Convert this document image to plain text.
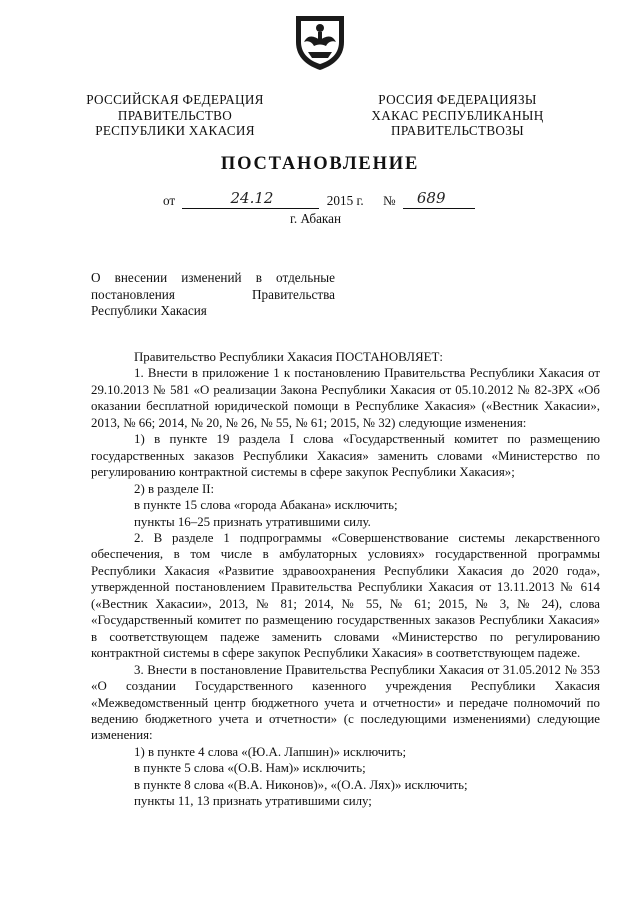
РОССИЙСКАЯ ФЕДЕРАЦИЯ
ПРАВИТЕЛЬСТВО
РЕСПУБЛИКИ ХАКАСИЯ
РОССИЯ ФЕДЕРАЦИЯЗЫ
ХАКАС РЕСПУБЛИКАНЫҢ
ПРАВИТЕЛЬСТВОЗЫ
ПОСТАНОВЛЕНИЕ
от	24.12	2015 г. № 689
г. Абакан
О внесении изменений в отдельные
постановления Правительства
Республики Хакасия

Правительство Республики Хакасия ПОСТАНОВЛЯЕТ:

1. Внести в приложение 1 к постановлению Правительства Республики Хакасия от 29.10.2013 № 581 «О реализации Закона Республики Хакасия от 05.10.2012 № 82-ЗРХ «Об оказании бесплатной юридической помощи в Республике Хакасия» («Вестник Хакасии», 2013, № 66; 2014, № 20, № 26, № 55, № 61; 2015, № 32) следующие изменения:

1) в пункте 19 раздела I слова «Государственный комитет по размещению государственных заказов Республики Хакасия» заменить словами «Министерство по регулированию контрактной системы в сфере закупок Республики Хакасия»;

2) в разделе II:

в пункте 15 слова «города Абакана» исключить;

пункты 16–25 признать утратившими силу.

2. В разделе 1 подпрограммы «Совершенствование системы лекарственного обеспечения, в том числе в амбулаторных условиях» государственной программы Республики Хакасия «Развитие здравоохранения Республики Хакасия до 2020 года», утвержденной постановлением Правительства Республики Хакасия от 13.11.2013 № 614 («Вестник Хакасии», 2013, № 81; 2014, № 55, № 61; 2015, № 3, № 24), слова «Государственный комитет по размещению государственных заказов Республики Хакасия» в соответствующем падеже заменить словами «Министерство по регулированию контрактной системы в сфере закупок Республики Хакасия» в соответствующем падеже.

3. Внести в постановление Правительства Республики Хакасия от 31.05.2012 № 353 «О создании Государственного казенного учреждения Республики Хакасия «Межведомственный центр бюджетного учета и отчетности» и передаче полномочий по ведению бюджетного учета и отчетности» (с последующими изменениями) следующие изменения:

1) в пункте 4 слова «(Ю.А. Лапшин)» исключить;

в пункте 5 слова «(О.В. Нам)» исключить;

в пункте 8 слова «(В.А. Никонов)», «(О.А. Лях)» исключить;

пункты 11, 13 признать утратившими силу;
